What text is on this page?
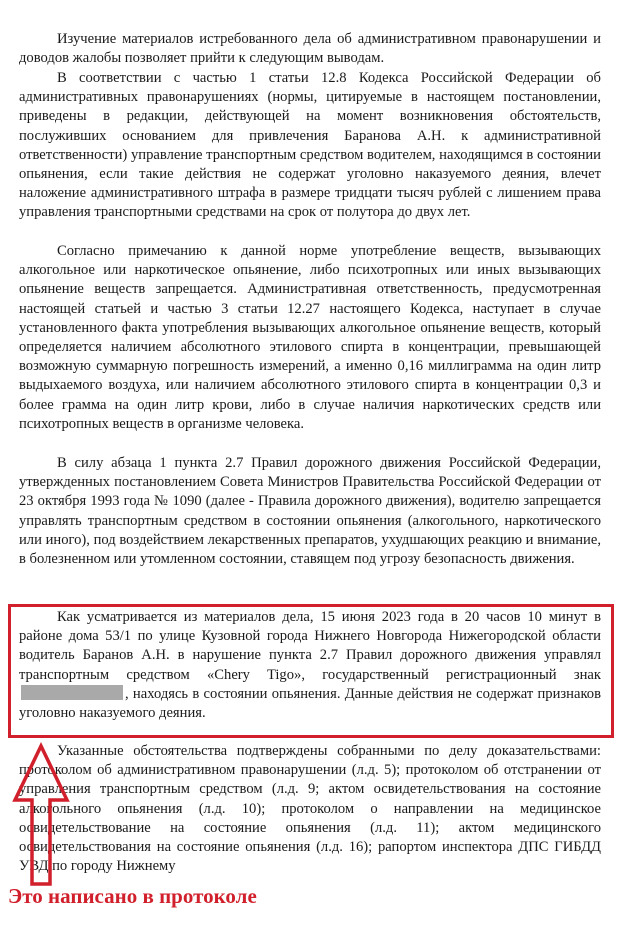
Изучение материалов истребованного дела об административном правонарушении и доводов жалобы позволяет прийти к следующим выводам.

В соответствии с частью 1 статьи 12.8 Кодекса Российской Федерации об административных правонарушениях (нормы, цитируемые в настоящем постановлении, приведены в редакции, действующей на момент возникновения обстоятельств, послуживших основанием для привлечения Баранова А.Н. к административной ответственности) управление транспортным средством водителем, находящимся в состоянии опьянения, если такие действия не содержат уголовно наказуемого деяния, влечет наложение административного штрафа в размере тридцати тысяч рублей с лишением права управления транспортными средствами на срок от полутора до двух лет.

Согласно примечанию к данной норме употребление веществ, вызывающих алкогольное или наркотическое опьянение, либо психотропных или иных вызывающих опьянение веществ запрещается. Административная ответственность, предусмотренная настоящей статьей и частью 3 статьи 12.27 настоящего Кодекса, наступает в случае установленного факта употребления вызывающих алкогольное опьянение веществ, который определяется наличием абсолютного этилового спирта в концентрации, превышающей возможную суммарную погрешность измерений, а именно 0,16 миллиграмма на один литр выдыхаемого воздуха, или наличием абсолютного этилового спирта в концентрации 0,3 и более грамма на один литр крови, либо в случае наличия наркотических средств или психотропных веществ в организме человека.

В силу абзаца 1 пункта 2.7 Правил дорожного движения Российской Федерации, утвержденных постановлением Совета Министров Правительства Российской Федерации от 23 октября 1993 года № 1090 (далее - Правила дорожного движения), водителю запрещается управлять транспортным средством в состоянии опьянения (алкогольного, наркотического или иного), под воздействием лекарственных препаратов, ухудшающих реакцию и внимание, в болезненном или утомленном состоянии, ставящем под угрозу безопасность движения.

Как усматривается из материалов дела, 15 июня 2023 года в 20 часов 10 минут в районе дома 53/1 по улице Кузовной города Нижнего Новгорода Нижегородской области водитель Баранов А.Н. в нарушение пункта 2.7 Правил дорожного движения управлял транспортным средством «Chery Tigo», государственный регистрационный знак, находясь в состоянии опьянения. Данные действия не содержат признаков уголовно наказуемого деяния.

Указанные обстоятельства подтверждены собранными по делу доказательствами: протоколом об административном правонарушении (л.д. 5); протоколом об отстранении от управления транспортным средством (л.д. 9; актом освидетельствования на состояние алкогольного опьянения (л.д. 10); протоколом о направлении на медицинское освидетельствование на состояние опьянения (л.д. 11); актом медицинского освидетельствования на состояние опьянения (л.д. 16); рапортом инспектора ДПС ГИБДД УВД по городу Нижнему

Это написано в протоколе
